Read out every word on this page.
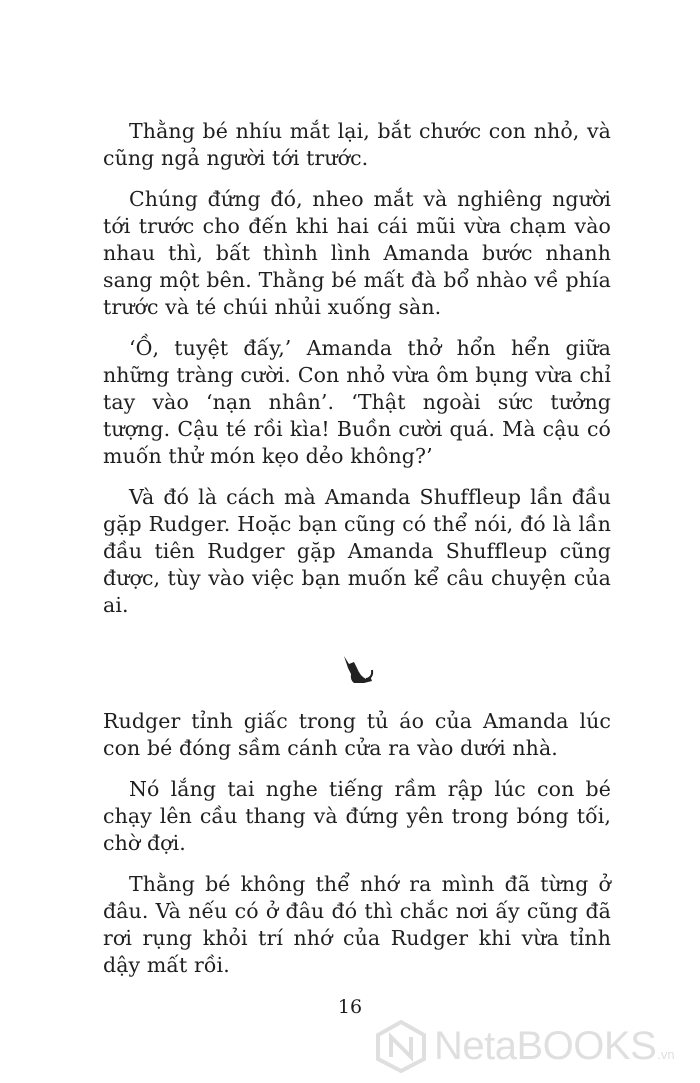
Thằng bé nhíu mắt lại, bắt chước con nhỏ, và cũng ngả người tới trước.

Chúng đứng đó, nheo mắt và nghiêng người tới trước cho đến khi hai cái mũi vừa chạm vào nhau thì, bất thình lình Amanda bước nhanh sang một bên. Thằng bé mất đà bổ nhào về phía trước và té chúi nhủi xuống sàn.

‘Ồ, tuyệt đấy,’ Amanda thở hổn hển giữa những tràng cười. Con nhỏ vừa ôm bụng vừa chỉ tay vào ‘nạn nhân’. ‘Thật ngoài sức tưởng tượng. Cậu té rồi kìa! Buồn cười quá. Mà cậu có muốn thử món kẹo dẻo không?’

Và đó là cách mà Amanda Shuffleup lần đầu gặp Rudger. Hoặc bạn cũng có thể nói, đó là lần đầu tiên Rudger gặp Amanda Shuffleup cũng được, tùy vào việc bạn muốn kể câu chuyện của ai.

Rudger tỉnh giấc trong tủ áo của Amanda lúc con bé đóng sầm cánh cửa ra vào dưới nhà.

Nó lắng tai nghe tiếng rầm rập lúc con bé chạy lên cầu thang và đứng yên trong bóng tối, chờ đợi.

Thằng bé không thể nhớ ra mình đã từng ở đâu. Và nếu có ở đâu đó thì chắc nơi ấy cũng đã rơi rụng khỏi trí nhớ của Rudger khi vừa tỉnh dậy mất rồi.

16
NetaBOOKS .vn
